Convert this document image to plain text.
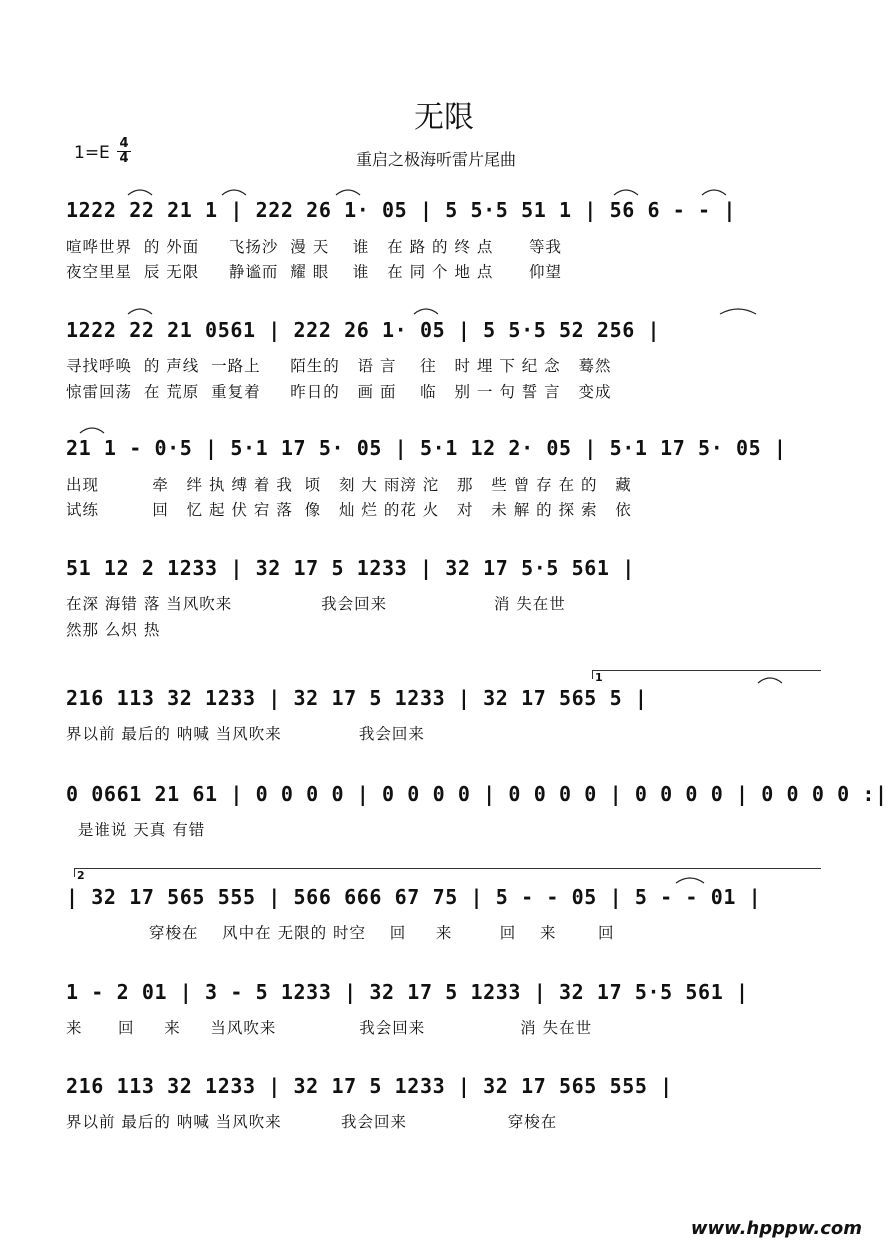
无限
1=E 4
4	重启之极海听雷片尾曲
1222 22 21 1 | 222 26 1· 05 | 5 5·5 51 1 | 56 6 - - |
喧哗世界  的 外面     飞扬沙  漫 天    谁   在 路 的 终 点      等我
夜空里星  辰 无限     静谧而  耀 眼    谁   在 同 个 地 点      仰望
1222 22 21 0561 | 222 26 1· 05 | 5 5·5 52 256 |
寻找呼唤  的 声线  一路上     陌生的   语 言    往   时 埋 下 纪 念   蓦然
惊雷回荡  在 荒原  重复着     昨日的   画 面    临   别 一 句 誓 言   变成
21 1 - 0·5 | 5·1 17 5· 05 | 5·1 12 2· 05 | 5·1 17 5· 05 |
出现         牵   绊 执 缚 着 我  顷   刻 大 雨滂 沱   那   些 曾 存 在 的   藏
试练         回   忆 起 伏 宕 落  像   灿 烂 的花 火   对   未 解 的 探 索   依
51 12 2 1233 | 32 17 5 1233 | 32 17 5·5 561 |
在深 海错 落 当风吹来               我会回来                  消 失在世
然那 么炽 热
1
216 113 32 1233 | 32 17 5 1233 | 32 17 565 5 |
界以前 最后的 呐喊 当风吹来             我会回来
0 0661 21 61 | 0 0 0 0 | 0 0 0 0 | 0 0 0 0 | 0 0 0 0 | 0 0 0 0 :|
是谁说 天真 有错
2
| 32 17 565 555 | 566 666 67 75 | 5 - - 05 | 5 - - 01 |
穿梭在    风中在 无限的 时空    回     来        回    来       回
1 - 2 01 | 3 - 5 1233 | 32 17 5 1233 | 32 17 5·5 561 |
来      回     来     当风吹来              我会回来                消 失在世
216 113 32 1233 | 32 17 5 1233 | 32 17 565 555 |
界以前 最后的 呐喊 当风吹来          我会回来                 穿梭在
www.hpppw.com
